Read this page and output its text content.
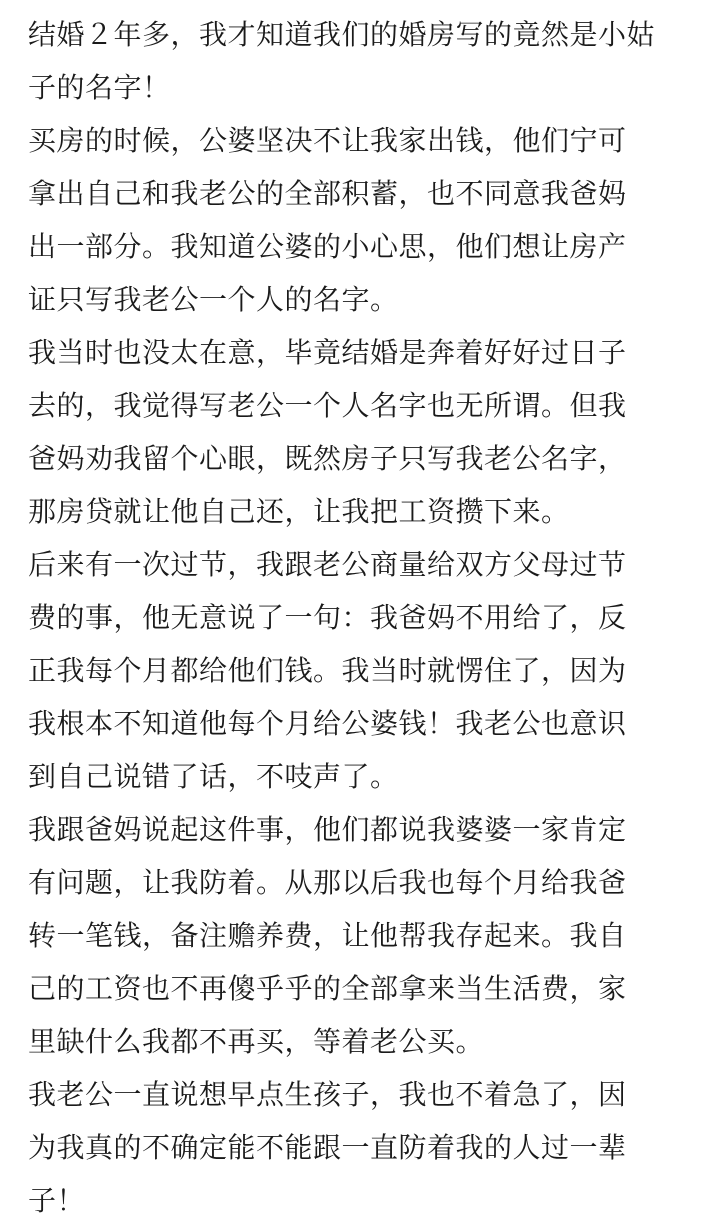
结婚２年多，我才知道我们的婚房写的竟然是小姑
子的名字！
买房的时候，公婆坚决不让我家出钱，他们宁可
拿出自己和我老公的全部积蓄，也不同意我爸妈
出一部分。我知道公婆的小心思，他们想让房产
证只写我老公一个人的名字。
我当时也没太在意，毕竟结婚是奔着好好过日子
去的，我觉得写老公一个人名字也无所谓。但我
爸妈劝我留个心眼，既然房子只写我老公名字，
那房贷就让他自己还，让我把工资攒下来。
后来有一次过节，我跟老公商量给双方父母过节
费的事，他无意说了一句：我爸妈不用给了，反
正我每个月都给他们钱。我当时就愣住了，因为
我根本不知道他每个月给公婆钱！我老公也意识
到自己说错了话，不吱声了。
我跟爸妈说起这件事，他们都说我婆婆一家肯定
有问题，让我防着。从那以后我也每个月给我爸
转一笔钱，备注赡养费，让他帮我存起来。我自
己的工资也不再傻乎乎的全部拿来当生活费，家
里缺什么我都不再买，等着老公买。
我老公一直说想早点生孩子，我也不着急了，因
为我真的不确定能不能跟一直防着我的人过一辈
子！
